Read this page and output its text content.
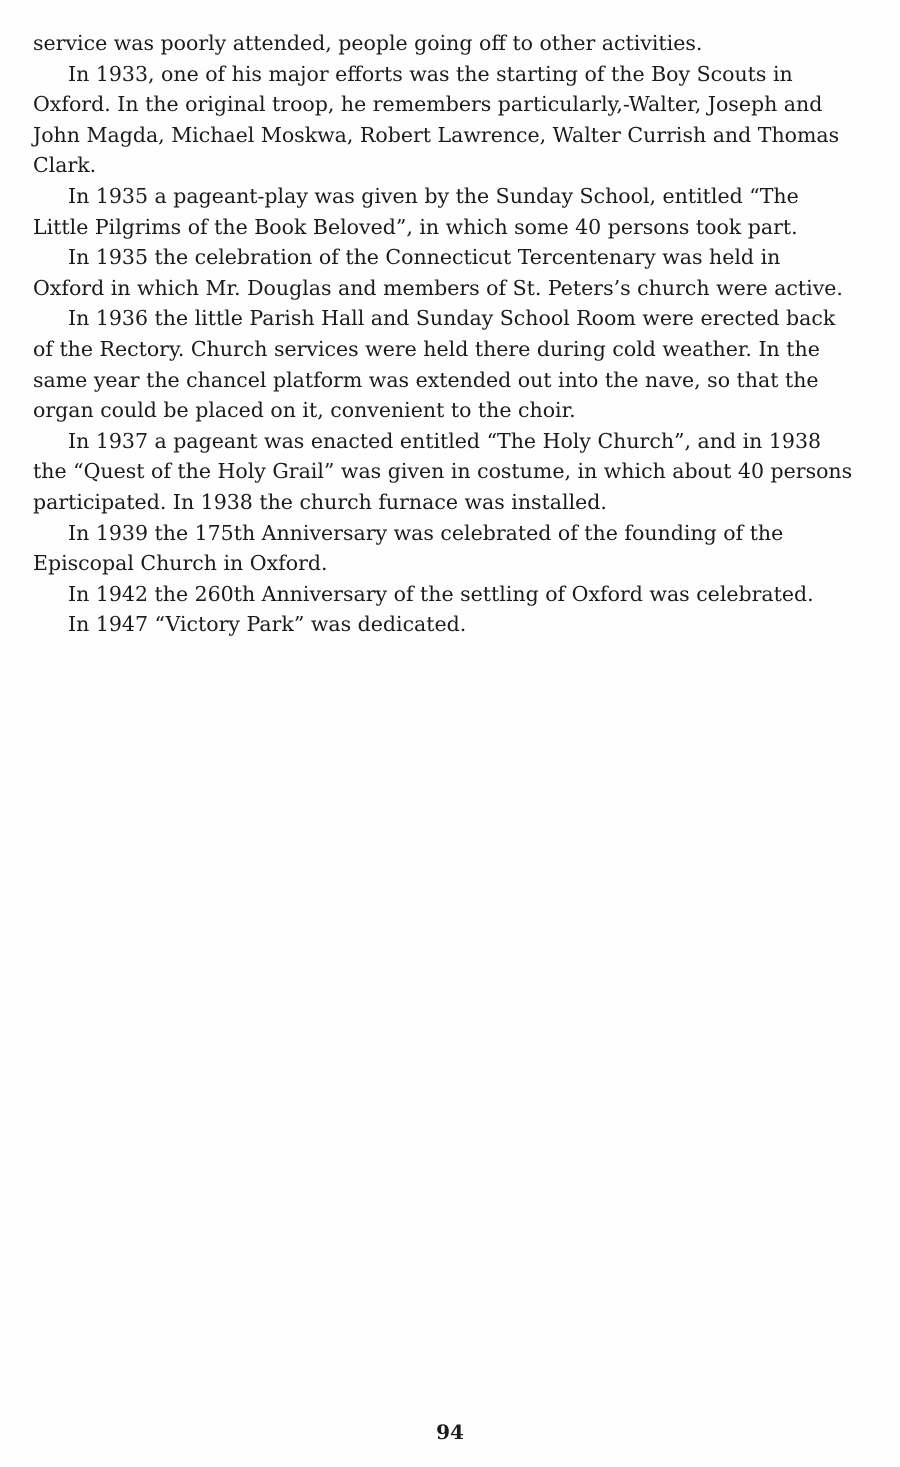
service was poorly attended, people going off to other activities.

In 1933, one of his major efforts was the starting of the Boy Scouts in Oxford. In the original troop, he remembers particularly,-Walter, Joseph and John Magda, Michael Moskwa, Robert Lawrence, Walter Currish and Thomas Clark.

In 1935 a pageant-play was given by the Sunday School, entitled “The Little Pilgrims of the Book Beloved”, in which some 40 persons took part.

In 1935 the celebration of the Connecticut Tercentenary was held in Oxford in which Mr. Douglas and members of St. Peters’s church were active.

In 1936 the little Parish Hall and Sunday School Room were erected back of the Rectory. Church services were held there during cold weather. In the same year the chancel platform was extended out into the nave, so that the organ could be placed on it, convenient to the choir.

In 1937 a pageant was enacted entitled “The Holy Church”, and in 1938 the “Quest of the Holy Grail” was given in costume, in which about 40 persons participated. In 1938 the church furnace was installed.

In 1939 the 175th Anniversary was celebrated of the founding of the Episcopal Church in Oxford.

In 1942 the 260th Anniversary of the settling of Oxford was celebrated.

In 1947 “Victory Park” was dedicated.

94
